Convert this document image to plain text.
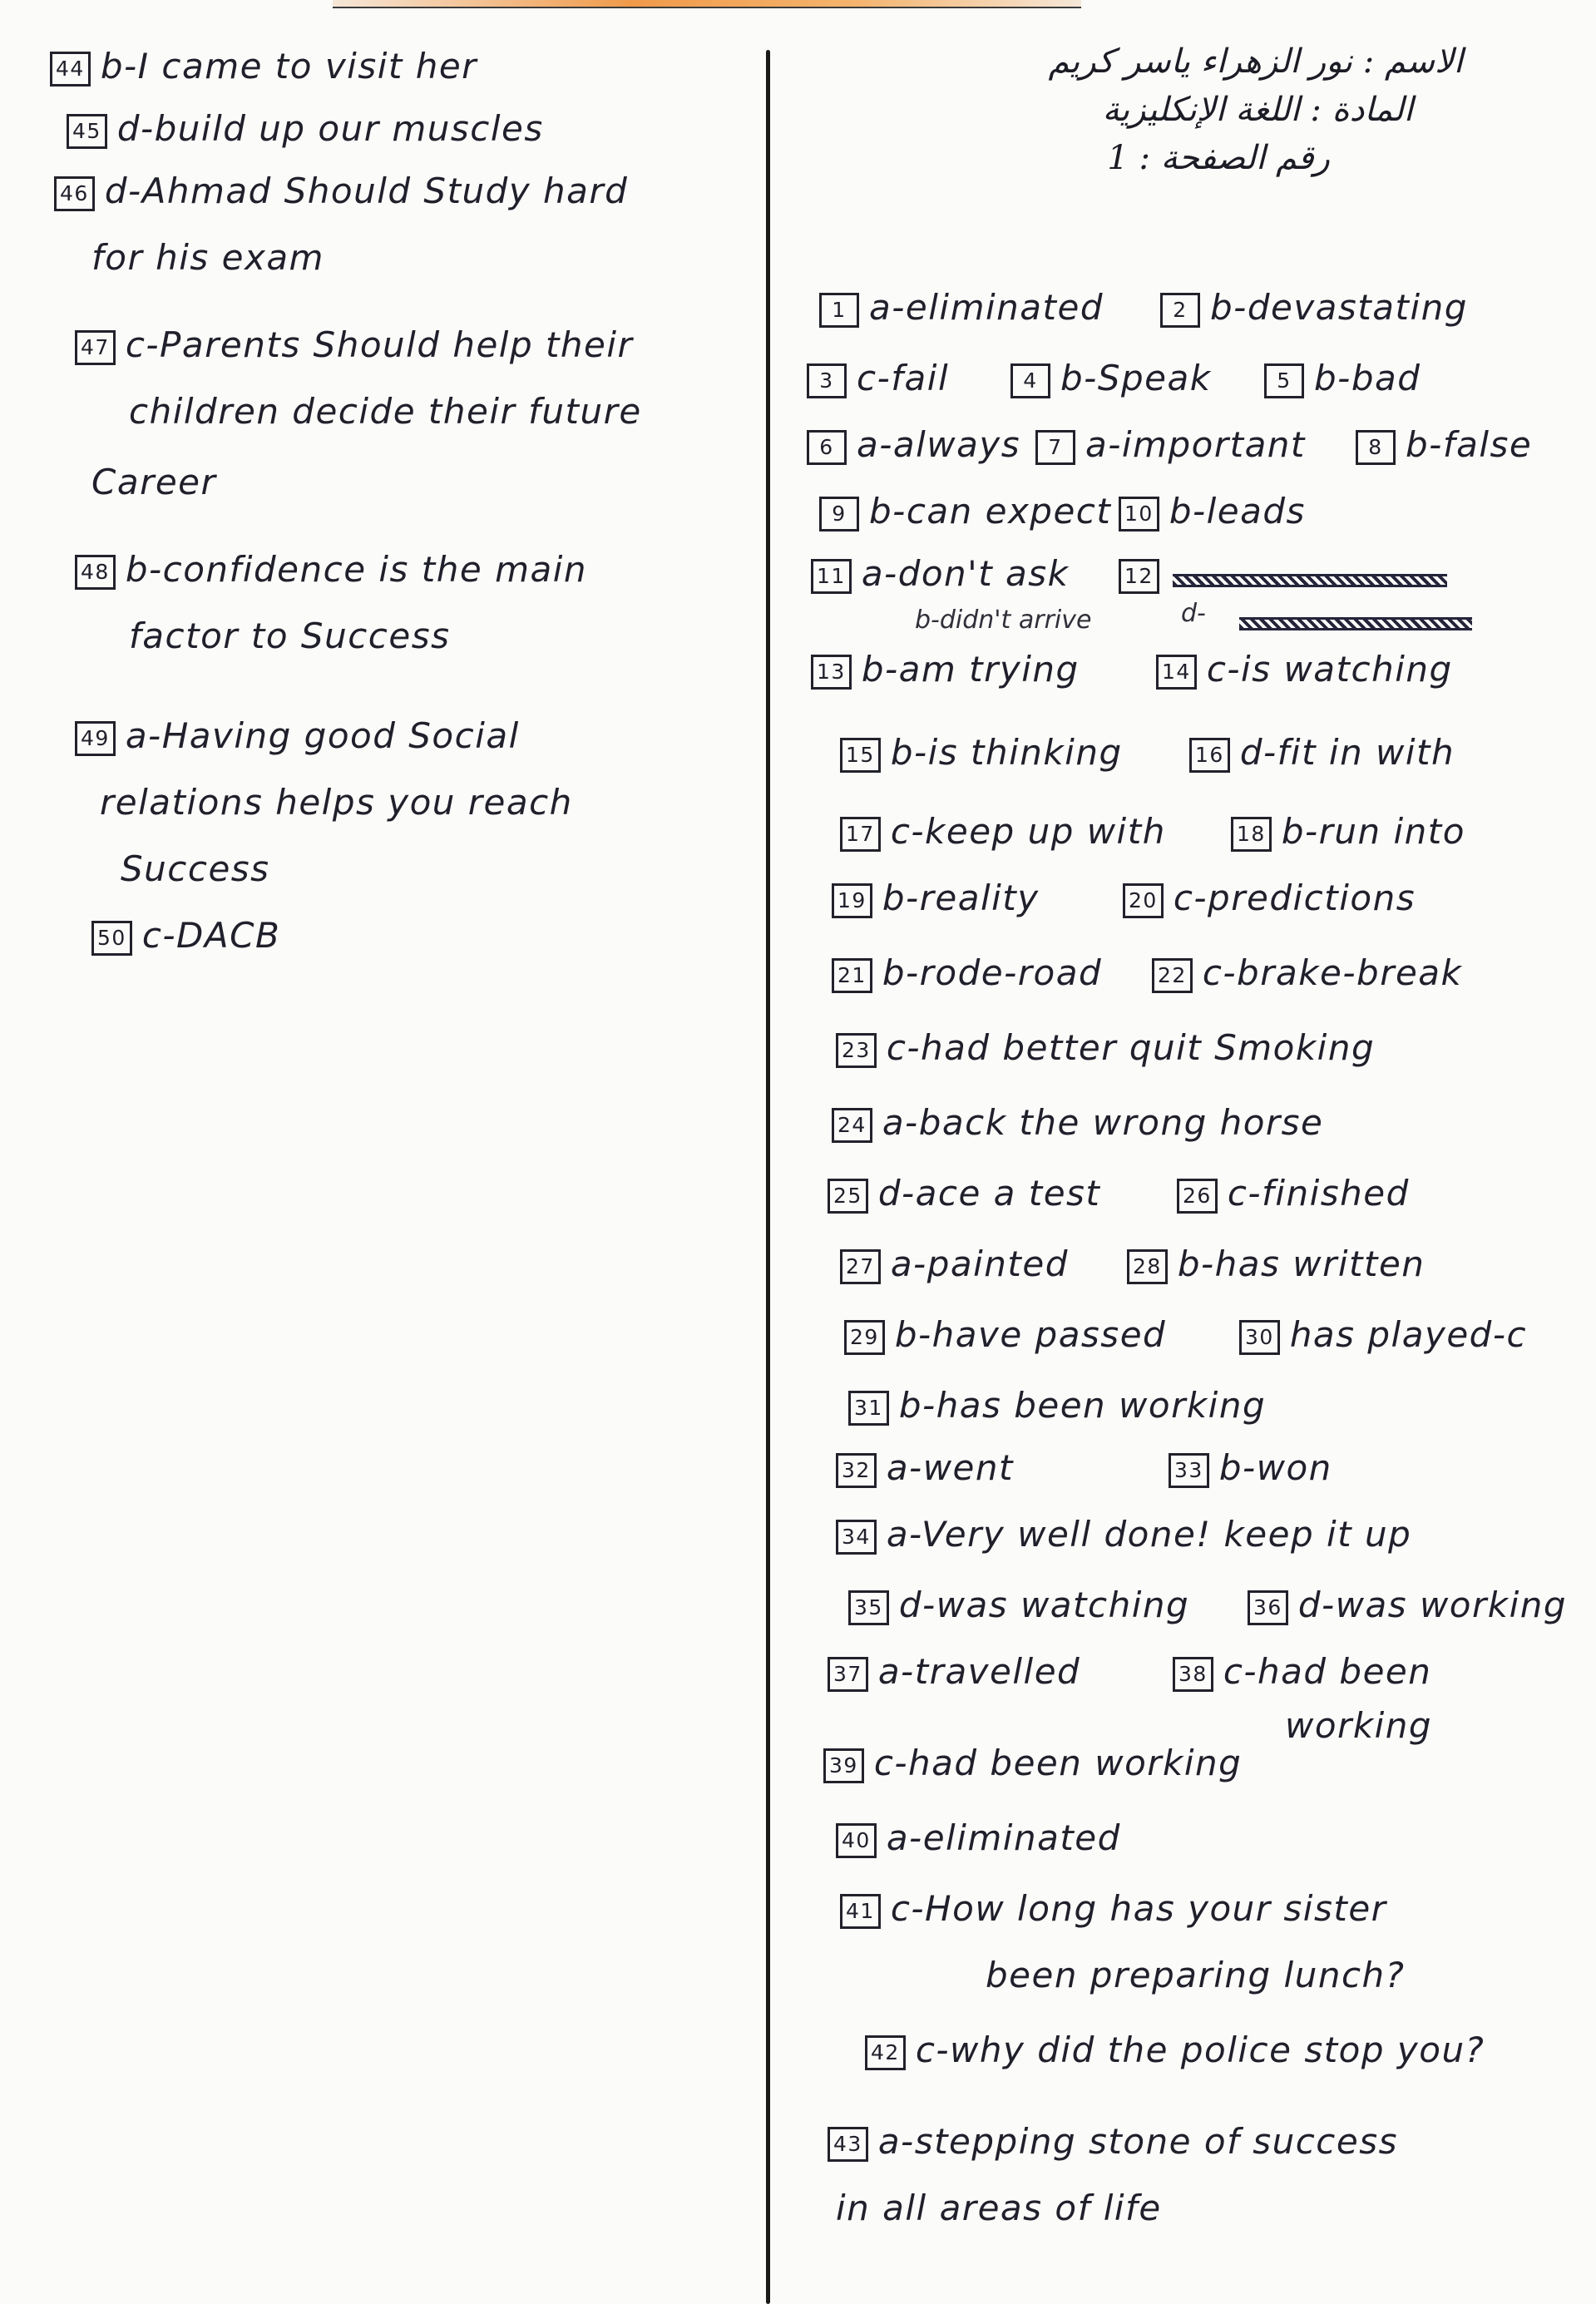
الاسم : نور الزهراء ياسر كريم
المادة : اللغة الإنكليزية
رقم الصفحة : 1
44 b-I came to visit her
45 d-build up our muscles
46 d-Ahmad Should Study hard
for his exam
47 c-Parents Should help their
children decide their future
Career
48 b-confidence is the main
factor to Success
49 a-Having good Social
relations helps you reach
Success
50 c-DACB
1 a-eliminated	2 b-devastating
3 c-fail	4 b-Speak	5 b-bad
6 a-always	7 a-important	8 b-false
9 b-can expect 10 b-leads
11 a-don't ask	12
13 b-am trying	14 c-is watching
15 b-is thinking	16 d-fit in with
17 c-keep up with	18 b-run into
19 b-reality	20 c-predictions
21 b-rode-road	22 c-brake-break
23 c-had better quit Smoking
24 a-back the wrong horse
25 d-ace a test	26 c-finished
27 a-painted	28 b-has written
29 b-have passed	30 has played-c
31 b-has been working
32 a-went	33 b-won
34 a-Very well done! keep it up
35 d-was watching	36 d-was working
37 a-travelled	38 c-had been
working
39 c-had been working
40 a-eliminated
41 c-How long has your sister
been preparing lunch?
42 c-why did the police stop you?
43 a-stepping stone of success
in all areas of life
b-didn't arrive	d-
